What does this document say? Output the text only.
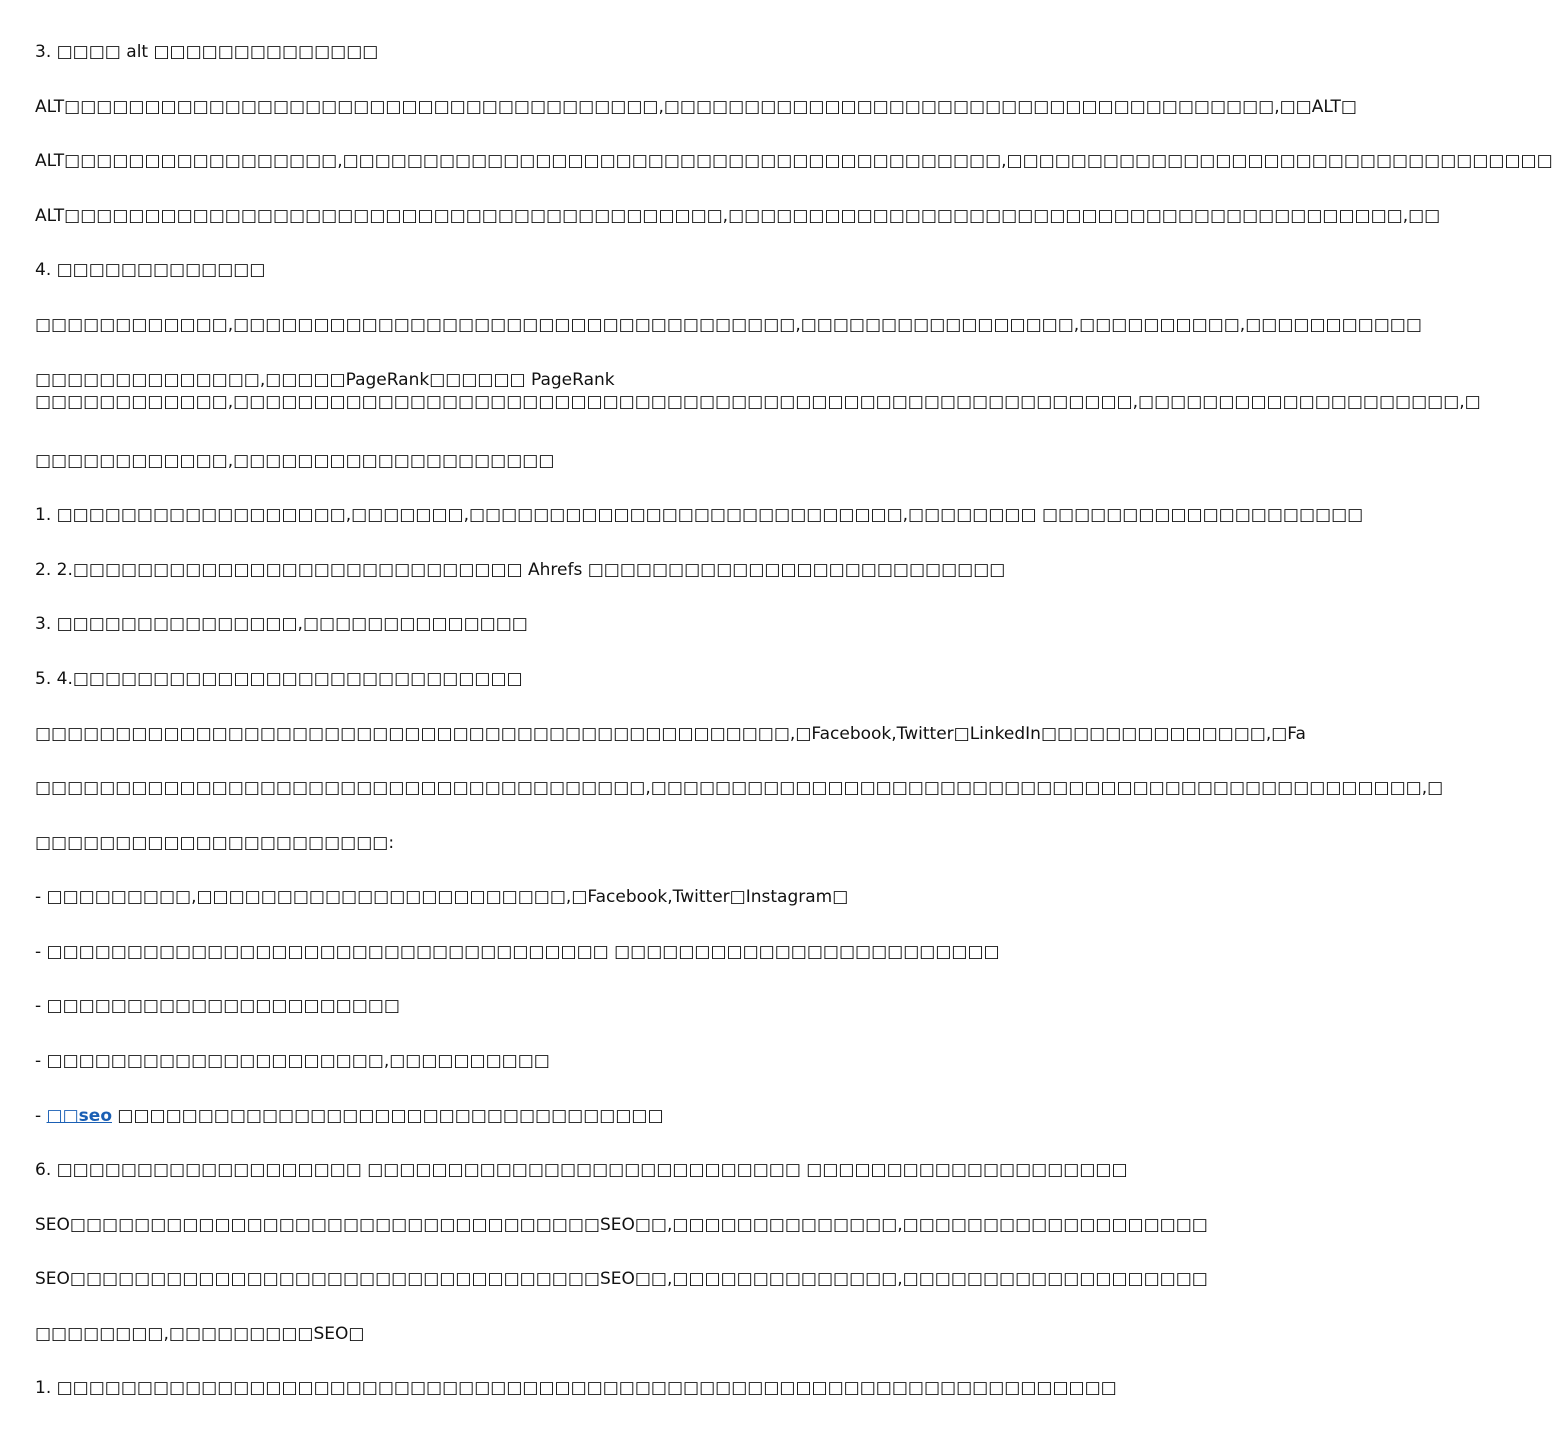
3. □□□□ alt □□□□□□□□□□□□□□
ALT□□□□□□□□□□□□□□□□□□□□□□□□□□□□□□□□□□□□□,□□□□□□□□□□□□□□□□□□□□□□□□□□□□□□□□□□□□□□,□□ALT□
ALT□□□□□□□□□□□□□□□□□,□□□□□□□□□□□□□□□□□□□□□□□□□□□□□□□□□□□□□□□□□,□□□□□□□□□□□□□□□□□□□□□□□□□□□□□□□□□□
ALT□□□□□□□□□□□□□□□□□□□□□□□□□□□□□□□□□□□□□□□□□,□□□□□□□□□□□□□□□□□□□□□□□□□□□□□□□□□□□□□□□□□□,□□
4. □□□□□□□□□□□□□
□□□□□□□□□□□□,□□□□□□□□□□□□□□□□□□□□□□□□□□□□□□□□□□□,□□□□□□□□□□□□□□□□□,□□□□□□□□□□,□□□□□□□□□□□
□□□□□□□□□□□□□□,□□□□□PageRank□□□□□□ PageRank
□□□□□□□□□□□□,□□□□□□□□□□□□□□□□□□□□□□□□□□□□□□□□□□□□□□□□□□□□□□□□□□□□□□□□,□□□□□□□□□□□□□□□□□□□□,□
□□□□□□□□□□□□,□□□□□□□□□□□□□□□□□□□□
1. □□□□□□□□□□□□□□□□□□,□□□□□□□,□□□□□□□□□□□□□□□□□□□□□□□□□□□,□□□□□□□□ □□□□□□□□□□□□□□□□□□□□
2. 2.□□□□□□□□□□□□□□□□□□□□□□□□□□□□ Ahrefs □□□□□□□□□□□□□□□□□□□□□□□□□□
3. □□□□□□□□□□□□□□□,□□□□□□□□□□□□□□
5. 4.□□□□□□□□□□□□□□□□□□□□□□□□□□□□
□□□□□□□□□□□□□□□□□□□□□□□□□□□□□□□□□□□□□□□□□□□□□□□,□Facebook,Twitter□LinkedIn□□□□□□□□□□□□□□,□Fa
□□□□□□□□□□□□□□□□□□□□□□□□□□□□□□□□□□□□□□,□□□□□□□□□□□□□□□□□□□□□□□□□□□□□□□□□□□□□□□□□□□□□□□□,□
□□□□□□□□□□□□□□□□□□□□□□:
- □□□□□□□□□,□□□□□□□□□□□□□□□□□□□□□□□,□Facebook,Twitter□Instagram□
- □□□□□□□□□□□□□□□□□□□□□□□□□□□□□□□□□□□ □□□□□□□□□□□□□□□□□□□□□□□□
- □□□□□□□□□□□□□□□□□□□□□□
- □□□□□□□□□□□□□□□□□□□□□,□□□□□□□□□□
- □□seo □□□□□□□□□□□□□□□□□□□□□□□□□□□□□□□□□□
6. □□□□□□□□□□□□□□□□□□□ □□□□□□□□□□□□□□□□□□□□□□□□□□□ □□□□□□□□□□□□□□□□□□□□
SEO□□□□□□□□□□□□□□□□□□□□□□□□□□□□□□□□□SEO□□,□□□□□□□□□□□□□□,□□□□□□□□□□□□□□□□□□□
SEO□□□□□□□□□□□□□□□□□□□□□□□□□□□□□□□□□SEO□□,□□□□□□□□□□□□□□,□□□□□□□□□□□□□□□□□□□
□□□□□□□□,□□□□□□□□□SEO□
1. □□□□□□□□□□□□□□□□□□□□□□□□□□□□□□□□□□□□□□□□□□□□□□□□□□□□□□□□□□□□□□□□□□
